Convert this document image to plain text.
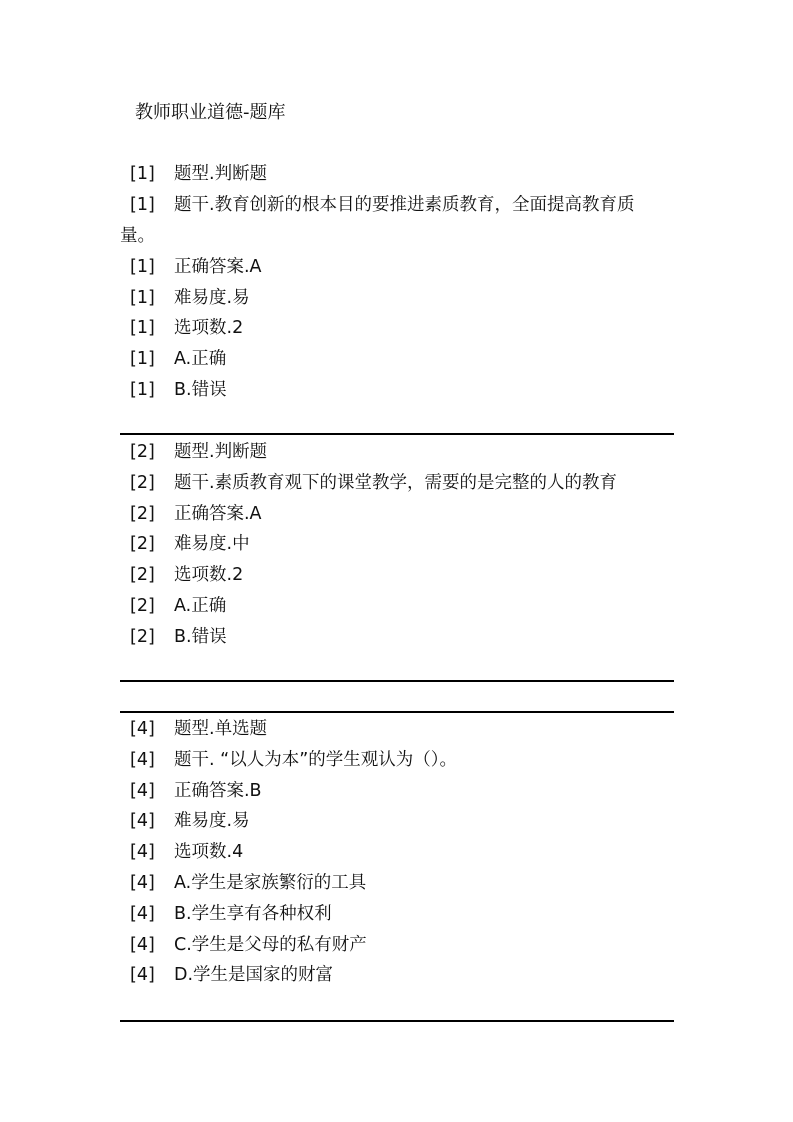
教师职业道德-题库
[1] 题型.判断题
[1] 题干.教育创新的根本目的要推进素质教育，全面提高教育质量。
[1] 正确答案.A
[1] 难易度.易
[1] 选项数.2
[1] A.正确
[1] B.错误
[2] 题型.判断题
[2] 题干.素质教育观下的课堂教学，需要的是完整的人的教育
[2] 正确答案.A
[2] 难易度.中
[2] 选项数.2
[2] A.正确
[2] B.错误
[4] 题型.单选题
[4] 题干. “以人为本”的学生观认为（）。
[4] 正确答案.B
[4] 难易度.易
[4] 选项数.4
[4] A.学生是家族繁衍的工具
[4] B.学生享有各种权利
[4] C.学生是父母的私有财产
[4] D.学生是国家的财富
